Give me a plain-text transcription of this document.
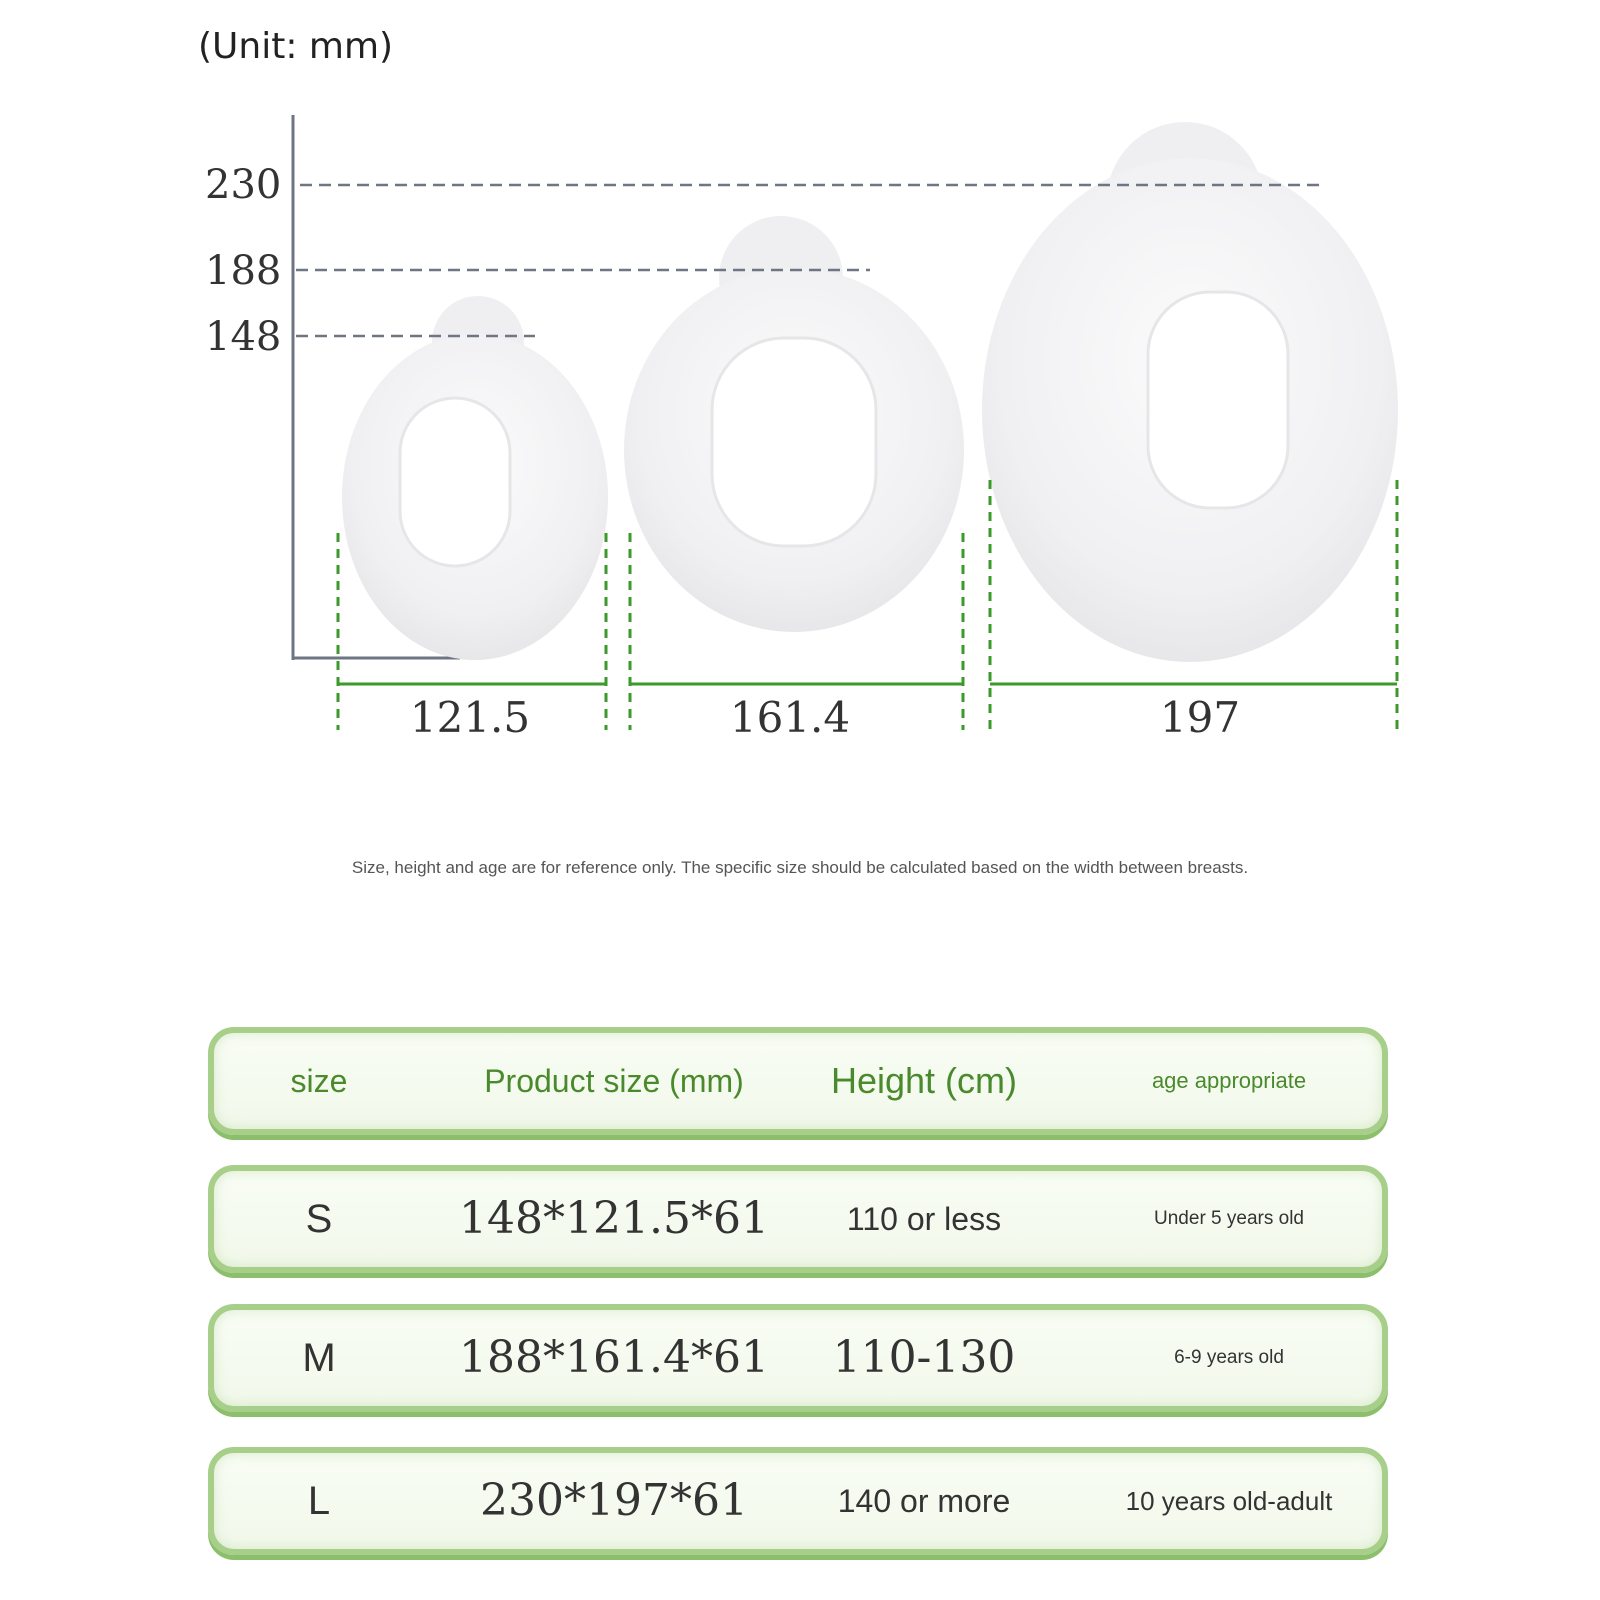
(Unit: mm)
230
188
148
121.5	161.4	197
Size, height and age are for reference only. The specific size should be calculated based on the width between breasts.
size	Product size (mm)	Height (cm)	age appropriate
S	148*121.5*61	110 or less	Under 5 years old
M	188*161.4*61	110-130	6-9 years old
L	230*197*61	140 or more	10 years old-adult
